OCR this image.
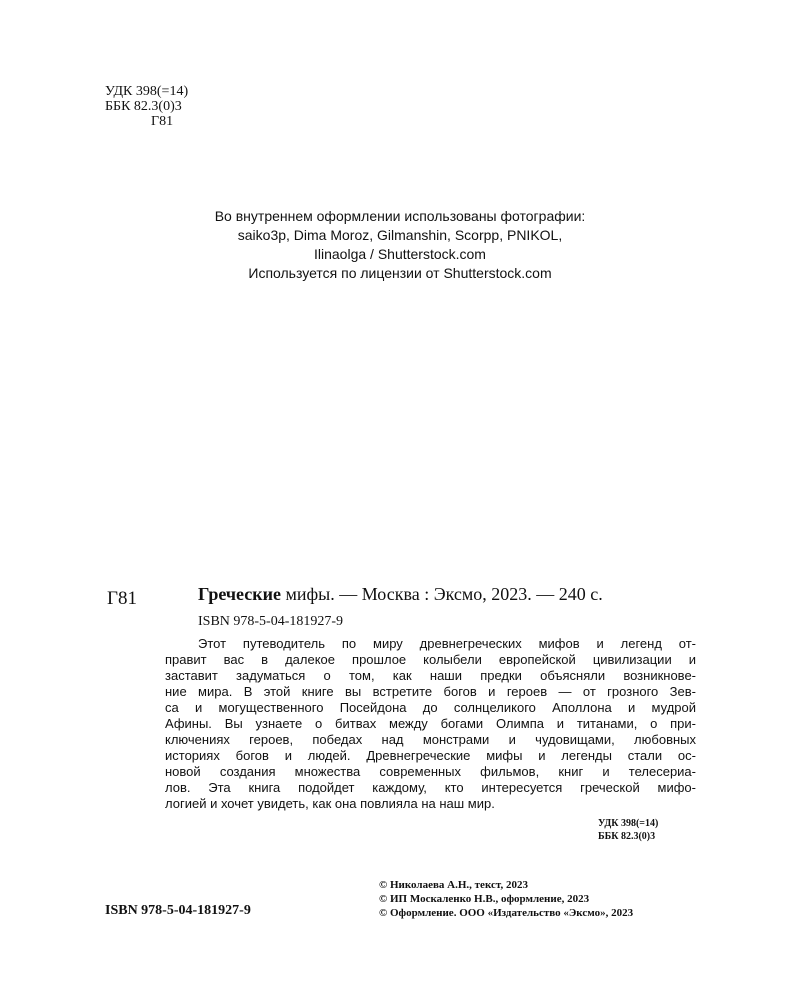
УДК 398(=14)
ББК 82.3(0)3
Г81
Во внутреннем оформлении использованы фотографии:
saiko3p, Dima Moroz, Gilmanshin, Scorpp, PNIKOL,
Ilinaolga / Shutterstock.com
Используется по лицензии от Shutterstock.com
Г81	Греческие мифы. — Москва : Эксмо, 2023. — 240 с.
ISBN 978-5-04-181927-9
Этот путеводитель по миру древнегреческих мифов и легенд от-
правит вас в далекое прошлое колыбели европейской цивилизации и
заставит задуматься о том, как наши предки объясняли возникнове-
ние мира. В этой книге вы встретите богов и героев — от грозного Зев-
са и могущественного Посейдона до солнцеликого Аполлона и мудрой
Афины. Вы узнаете о битвах между богами Олимпа и титанами, о при-
ключениях героев, победах над монстрами и чудовищами, любовных
историях богов и людей. Древнегреческие мифы и легенды стали ос-
новой создания множества современных фильмов, книг и телесериа-
лов. Эта книга подойдет каждому, кто интересуется греческой мифо-
логией и хочет увидеть, как она повлияла на наш мир.
УДК 398(=14)
ББК 82.3(0)3
© Николаева А.Н., текст, 2023
© ИП Москаленко Н.В., оформление, 2023
© Оформление. ООО «Издательство «Эксмо», 2023
ISBN 978-5-04-181927-9
